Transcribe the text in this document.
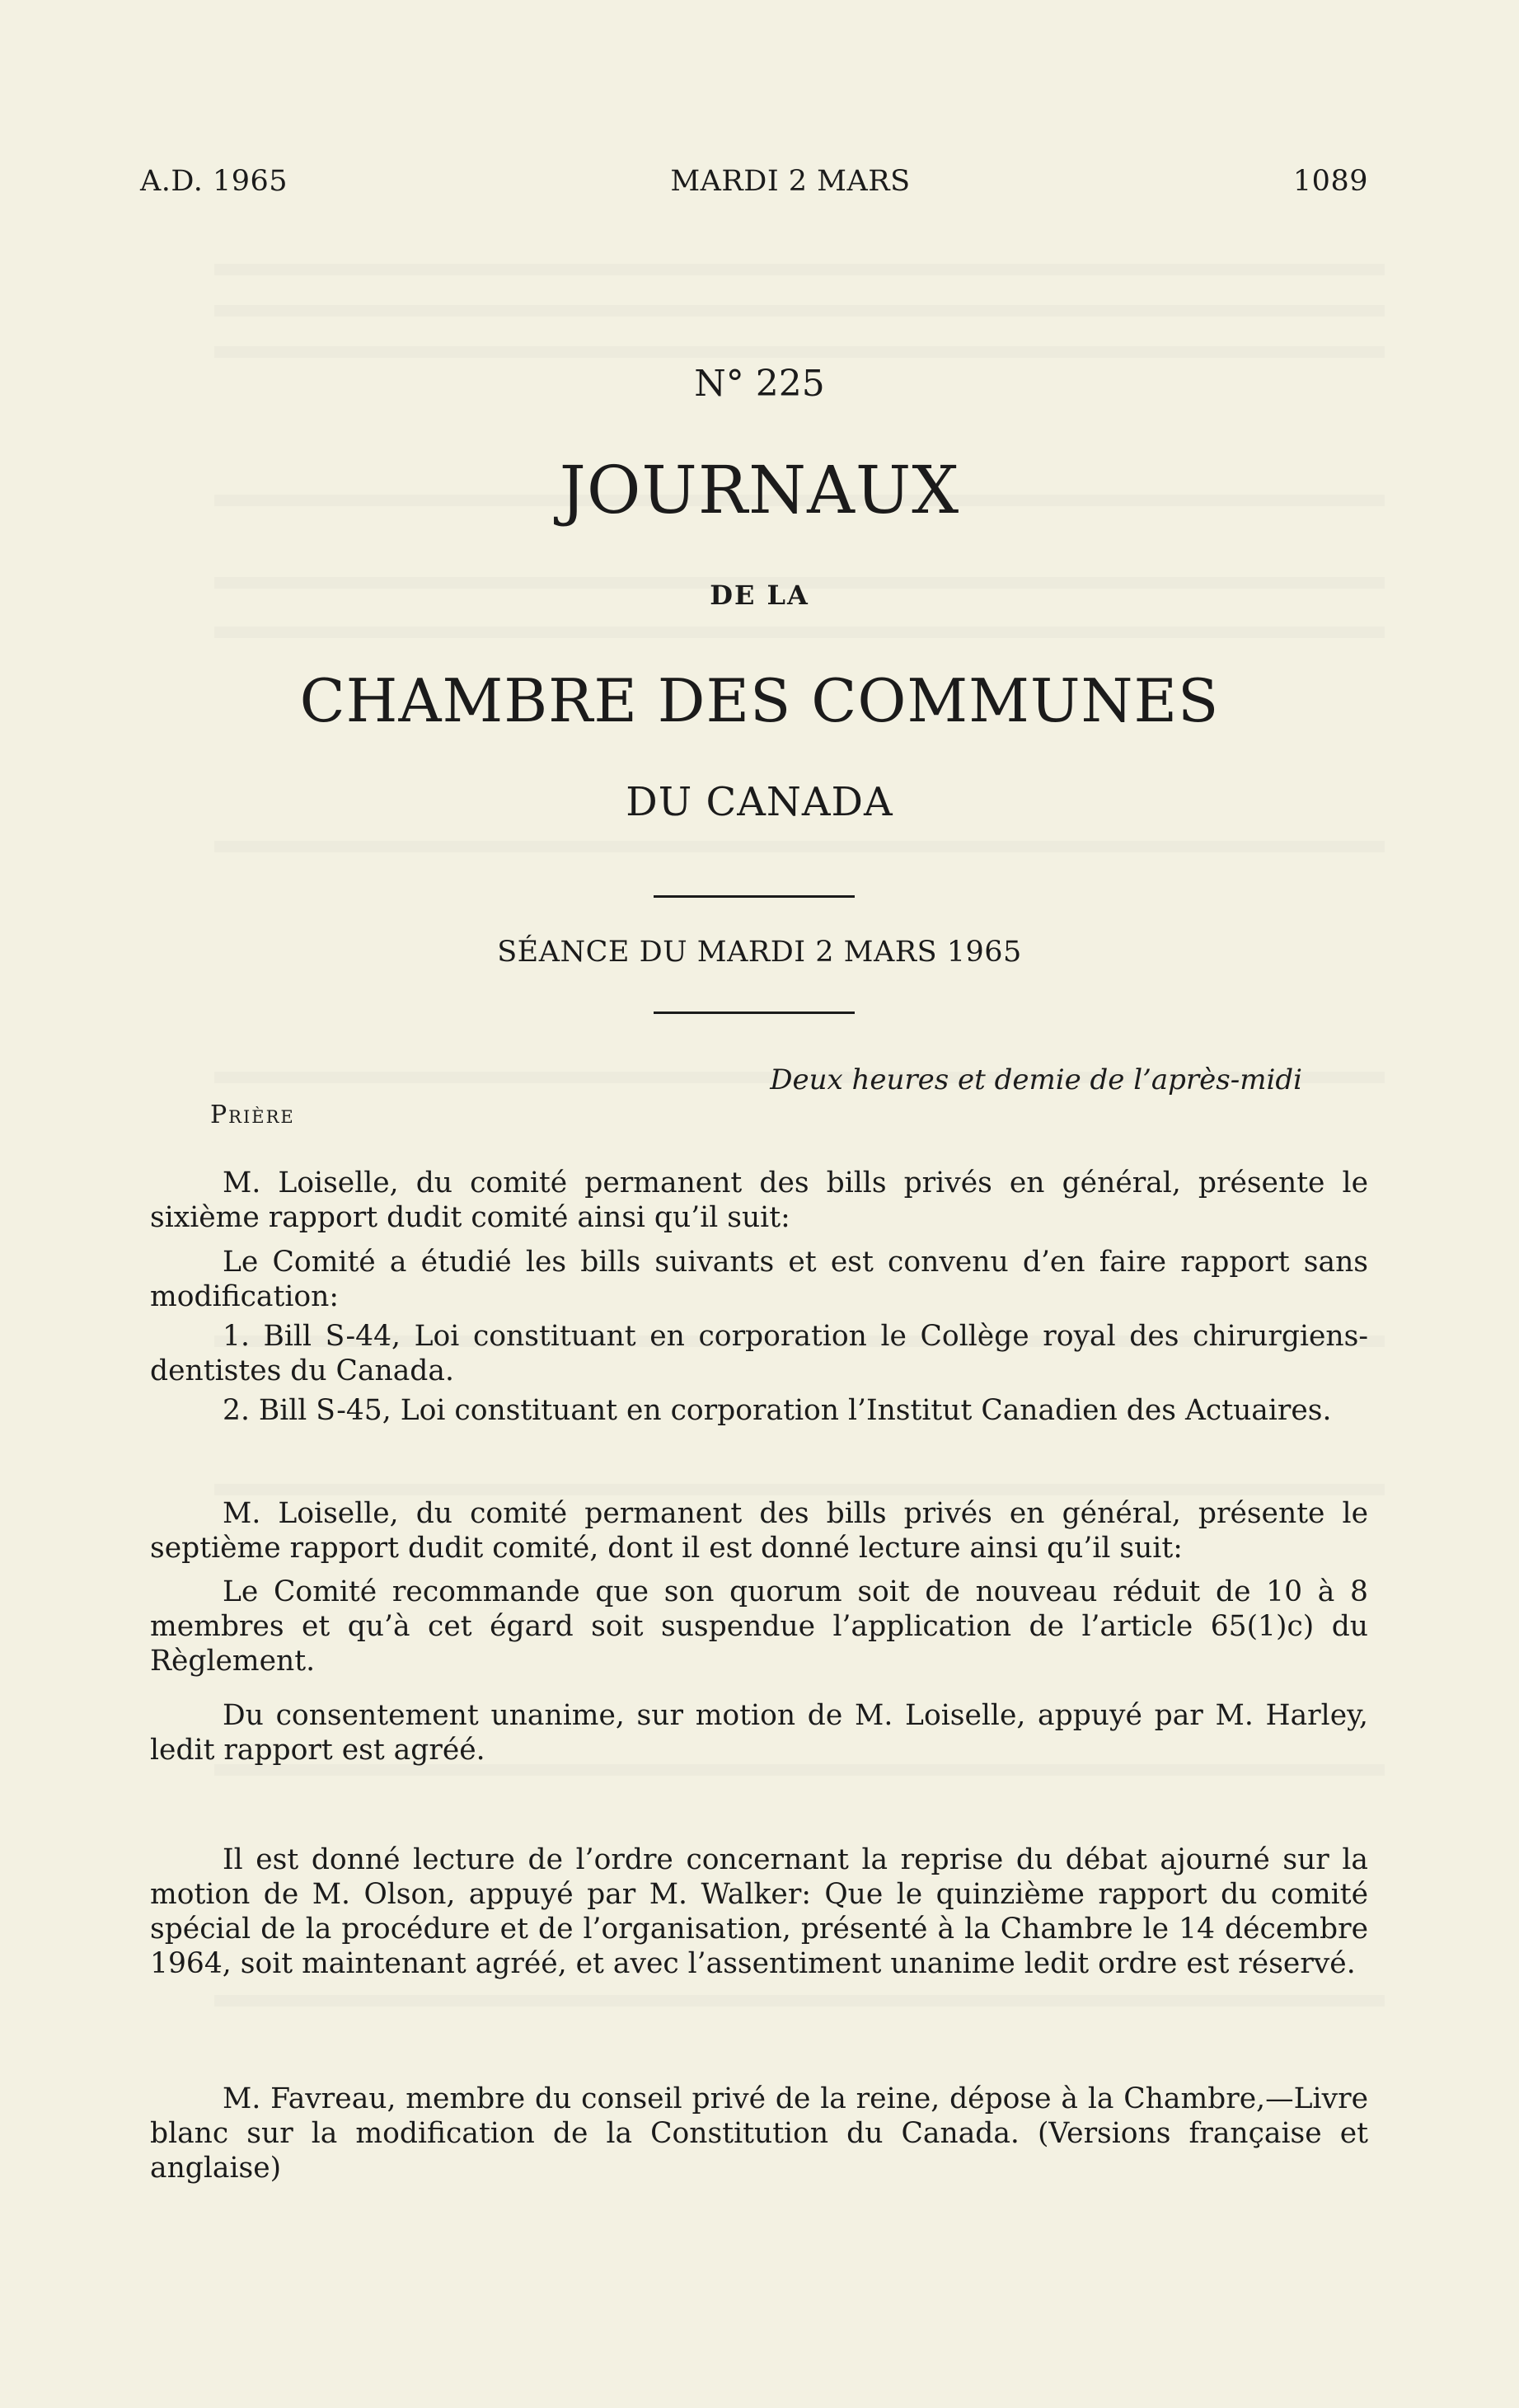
A.D. 1965	MARDI 2 MARS	1089
N° 225
JOURNAUX
DE LA
CHAMBRE DES COMMUNES
DU CANADA
SÉANCE DU MARDI 2 MARS 1965
Deux heures et demie de l’après-midi
Prière

M. Loiselle, du comité permanent des bills privés en général, présente le sixième rapport dudit comité ainsi qu’il suit:

Le Comité a étudié les bills suivants et est convenu d’en faire rapport sans modification:

1. Bill S-44, Loi constituant en corporation le Collège royal des chirurgiens-dentistes du Canada.

2. Bill S-45, Loi constituant en corporation l’Institut Canadien des Actuaires.

M. Loiselle, du comité permanent des bills privés en général, présente le septième rapport dudit comité, dont il est donné lecture ainsi qu’il suit:

Le Comité recommande que son quorum soit de nouveau réduit de 10 à 8 membres et qu’à cet égard soit suspendue l’application de l’article 65(1)c) du Règlement.

Du consentement unanime, sur motion de M. Loiselle, appuyé par M. Harley, ledit rapport est agréé.

Il est donné lecture de l’ordre concernant la reprise du débat ajourné sur la motion de M. Olson, appuyé par M. Walker: Que le quinzième rapport du comité spécial de la procédure et de l’organisation, présenté à la Chambre le 14 décembre 1964, soit maintenant agréé, et avec l’assentiment unanime ledit ordre est réservé.

M. Favreau, membre du conseil privé de la reine, dépose à la Chambre,—Livre blanc sur la modification de la Constitution du Canada. (Versions française et anglaise)
